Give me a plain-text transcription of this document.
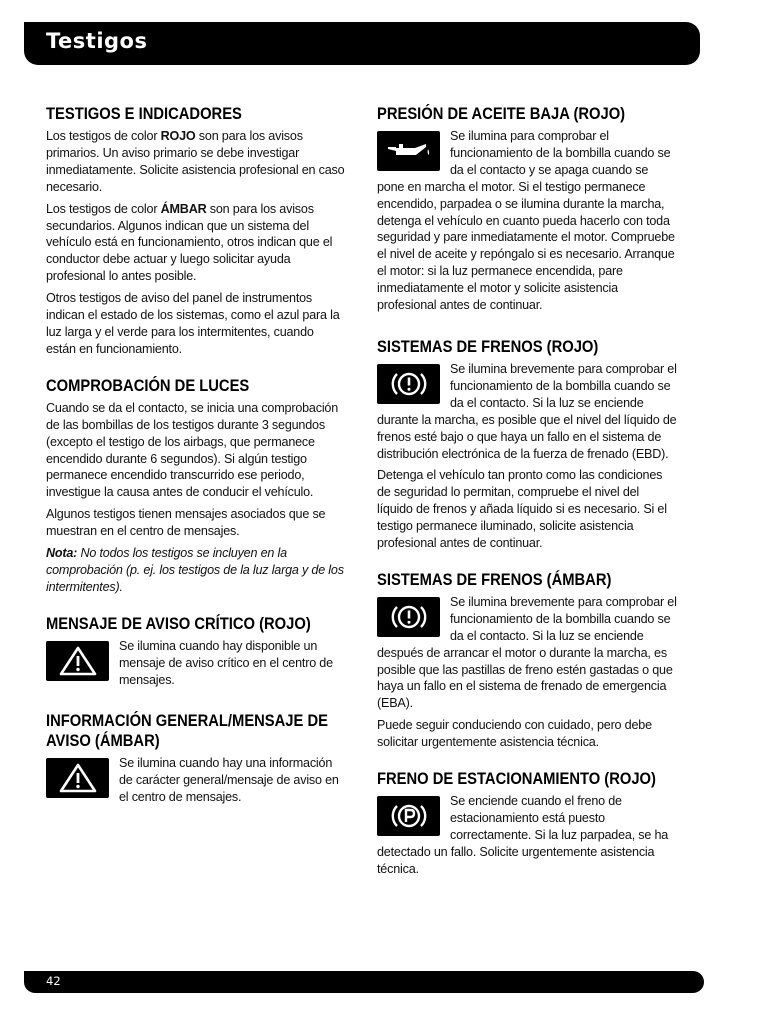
Testigos
TESTIGOS E INDICADORES

Los testigos de color ROJO son para los avisos primarios. Un aviso primario se debe investigar inmediatamente. Solicite asistencia profesional en caso necesario.

Los testigos de color ÁMBAR son para los avisos secundarios. Algunos indican que un sistema del vehículo está en funcionamiento, otros indican que el conductor debe actuar y luego solicitar ayuda profesional lo antes posible.

Otros testigos de aviso del panel de instrumentos indican el estado de los sistemas, como el azul para la luz larga y el verde para los intermitentes, cuando están en funcionamiento.

COMPROBACIÓN DE LUCES

Cuando se da el contacto, se inicia una comprobación de las bombillas de los testigos durante 3 segundos (excepto el testigo de los airbags, que permanece encendido durante 6 segundos). Si algún testigo permanece encendido transcurrido ese periodo, investigue la causa antes de conducir el vehículo.

Algunos testigos tienen mensajes asociados que se muestran en el centro de mensajes.

Nota: No todos los testigos se incluyen en la comprobación (p. ej. los testigos de la luz larga y de los intermitentes).

MENSAJE DE AVISO CRÍTICO (ROJO)

Se ilumina cuando hay disponible un mensaje de aviso crítico en el centro de mensajes.

INFORMACIÓN GENERAL/MENSAJE DE AVISO (ÁMBAR)

Se ilumina cuando hay una información de carácter general/mensaje de aviso en el centro de mensajes.

PRESIÓN DE ACEITE BAJA (ROJO)

Se ilumina para comprobar el funcionamiento de la bombilla cuando se da el contacto y se apaga cuando se pone en marcha el motor. Si el testigo permanece encendido, parpadea o se ilumina durante la marcha, detenga el vehículo en cuanto pueda hacerlo con toda seguridad y pare inmediatamente el motor. Compruebe el nivel de aceite y repóngalo si es necesario. Arranque el motor: si la luz permanece encendida, pare inmediatamente el motor y solicite asistencia profesional antes de continuar.

SISTEMAS DE FRENOS (ROJO)

Se ilumina brevemente para comprobar el funcionamiento de la bombilla cuando se da el contacto. Si la luz se enciende durante la marcha, es posible que el nivel del líquido de frenos esté bajo o que haya un fallo en el sistema de distribución electrónica de la fuerza de frenado (EBD).

Detenga el vehículo tan pronto como las condiciones de seguridad lo permitan, compruebe el nivel del líquido de frenos y añada líquido si es necesario. Si el testigo permanece iluminado, solicite asistencia profesional antes de continuar.

SISTEMAS DE FRENOS (ÁMBAR)

Se ilumina brevemente para comprobar el funcionamiento de la bombilla cuando se da el contacto. Si la luz se enciende después de arrancar el motor o durante la marcha, es posible que las pastillas de freno estén gastadas o que haya un fallo en el sistema de frenado de emergencia (EBA).

Puede seguir conduciendo con cuidado, pero debe solicitar urgentemente asistencia técnica.

FRENO DE ESTACIONAMIENTO (ROJO)

Se enciende cuando el freno de estacionamiento está puesto correctamente. Si la luz parpadea, se ha detectado un fallo. Solicite urgentemente asistencia técnica.

42
